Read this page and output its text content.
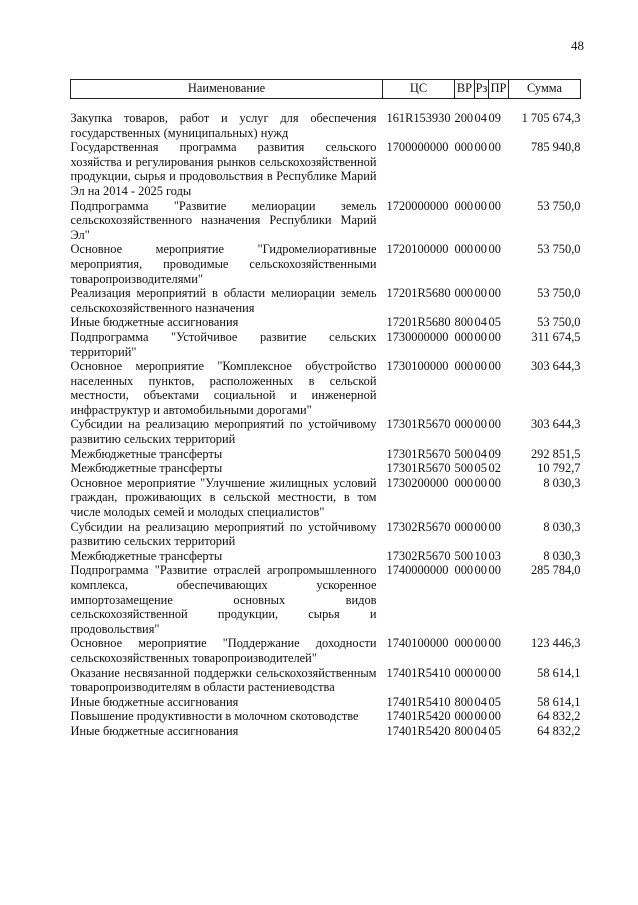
48
Наименование	ЦС	ВР	Рз	ПР	Сумма
Закупка товаров, работ и услуг для обеспечения государственных (муниципальных) нужд	161R153930	200	04	09	1 705 674,3
Государственная программа развития сельского хозяйства и регулирования рынков сельскохозяйственной продукции, сырья и продовольствия в Республике Марий Эл на 2014 - 2025 годы	1700000000	000	00	00	785 940,8
Подпрограмма "Развитие мелиорации земель сельскохозяйственного назначения Республики Марий Эл"	1720000000	000	00	00	53 750,0
Основное мероприятие "Гидромелиоративные мероприятия, проводимые сельскохозяйственными товаропроизводителями"	1720100000	000	00	00	53 750,0
Реализация мероприятий в области мелиорации земель сельскохозяйственного назначения	17201R5680	000	00	00	53 750,0
Иные бюджетные ассигнования	17201R5680	800	04	05	53 750,0
Подпрограмма "Устойчивое развитие сельских территорий"	1730000000	000	00	00	311 674,5
Основное мероприятие "Комплексное обустройство населенных пунктов, расположенных в сельской местности, объектами социальной и инженерной инфраструктур и автомобильными дорогами"	1730100000	000	00	00	303 644,3
Субсидии на реализацию мероприятий по устойчивому развитию сельских территорий	17301R5670	000	00	00	303 644,3
Межбюджетные трансферты	17301R5670	500	04	09	292 851,5
Межбюджетные трансферты	17301R5670	500	05	02	10 792,7
Основное мероприятие "Улучшение жилищных условий граждан, проживающих в сельской местности, в том числе молодых семей и молодых специалистов"	1730200000	000	00	00	8 030,3
Субсидии на реализацию мероприятий по устойчивому развитию сельских территорий	17302R5670	000	00	00	8 030,3
Межбюджетные трансферты	17302R5670	500	10	03	8 030,3
Подпрограмма "Развитие отраслей агропромышленного комплекса, обеспечивающих ускоренное импортозамещение основных видов сельскохозяйственной продукции, сырья и продовольствия"	1740000000	000	00	00	285 784,0
Основное мероприятие "Поддержание доходности сельскохозяйственных товаропроизводителей"	1740100000	000	00	00	123 446,3
Оказание несвязанной поддержки сельскохозяйственным товаропроизводителям в области растениеводства	17401R5410	000	00	00	58 614,1
Иные бюджетные ассигнования	17401R5410	800	04	05	58 614,1
Повышение продуктивности в молочном скотоводстве	17401R5420	000	00	00	64 832,2
Иные бюджетные ассигнования	17401R5420	800	04	05	64 832,2
